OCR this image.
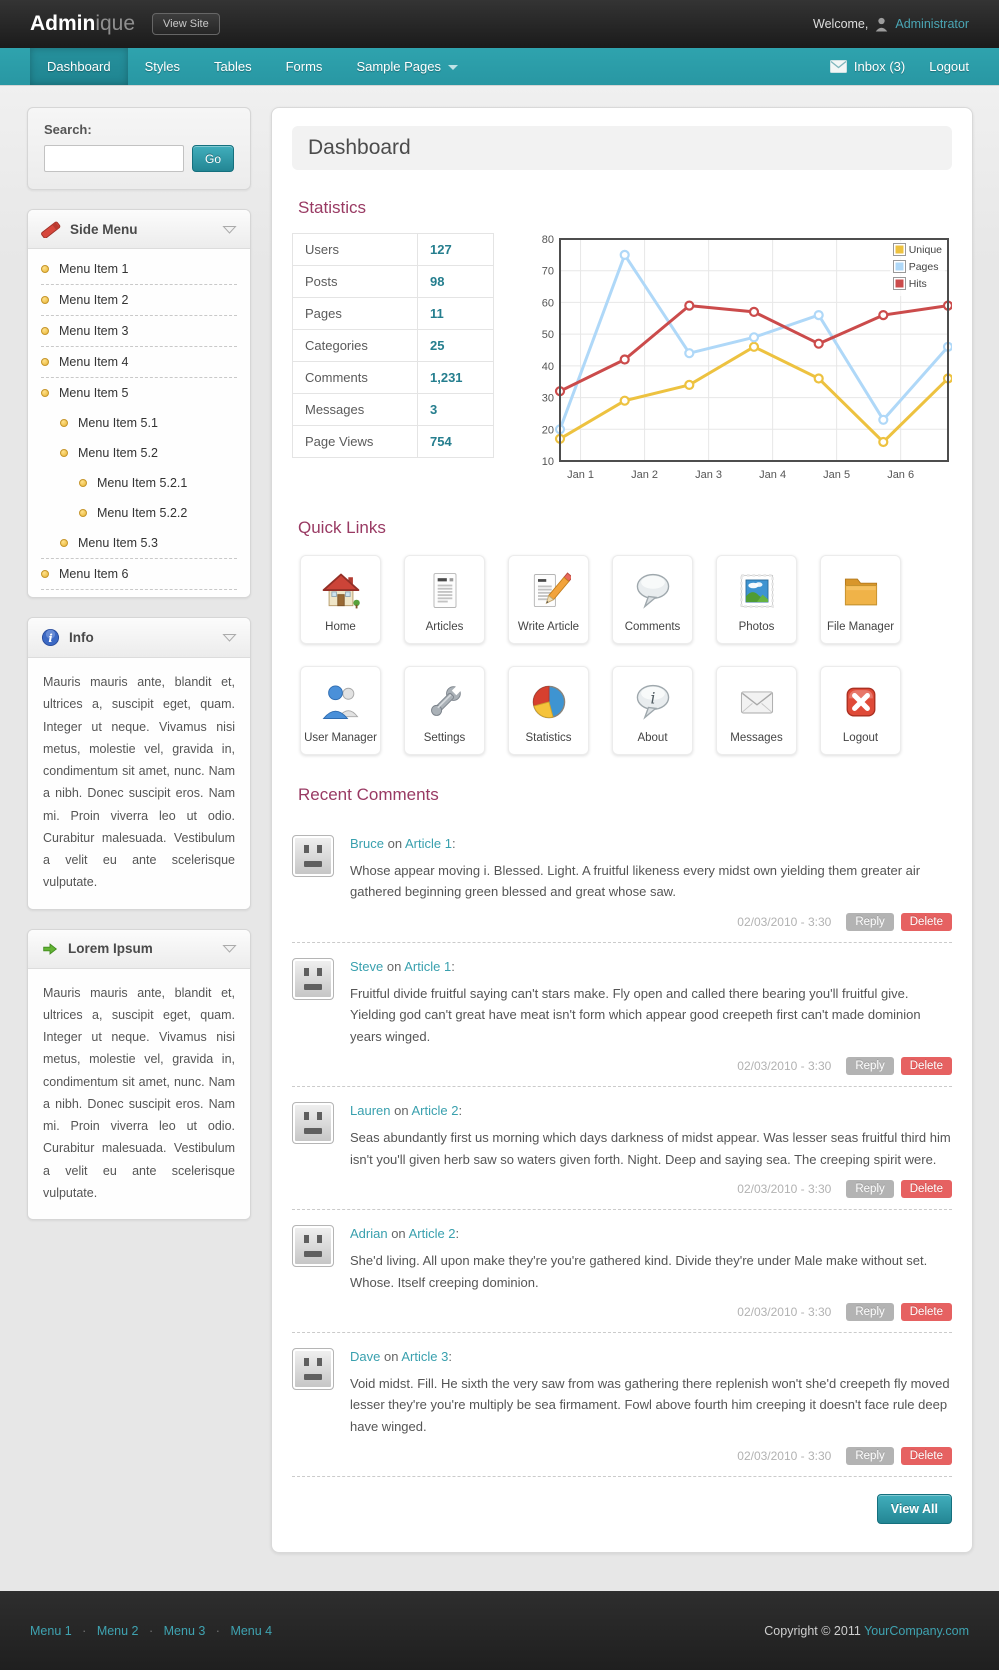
Adminique	View Site	Welcome, Administrator
Dashboard	Styles	Tables	Forms	Sample Pages	Inbox (3) Logout
Search:
Go
Side Menu
Menu Item 1
Menu Item 2
Menu Item 3
Menu Item 4
Menu Item 5
Menu Item 5.1
Menu Item 5.2
Menu Item 5.2.1
Menu Item 5.2.2
Menu Item 5.3
Menu Item 6
i Info
Mauris mauris ante, blandit et, ultrices a, suscipit eget, quam. Integer ut neque. Vivamus nisi metus, molestie vel, gravida in, condimentum sit amet, nunc. Nam a nibh. Donec suscipit eros. Nam mi. Proin viverra leo ut odio. Curabitur malesuada. Vestibulum a velit eu ante scelerisque vulputate.
Lorem Ipsum
Mauris mauris ante, blandit et, ultrices a, suscipit eget, quam. Integer ut neque. Vivamus nisi metus, molestie vel, gravida in, condimentum sit amet, nunc. Nam a nibh. Donec suscipit eros. Nam mi. Proin viverra leo ut odio. Curabitur malesuada. Vestibulum a velit eu ante scelerisque vulputate.
Dashboard
Statistics
Users	127
Posts	98
Pages	11
Categories	25
Comments	1,231
Messages	3
Page Views	754
10
20
30
40
50
60
70
80
Jan 1	Jan 2	Jan 3	Jan 4	Jan 5	Jan 6
Unique
Pages
Hits
Quick Links
Home	Articles	Write Article	Comments	Photos	File Manager
User Manager	Settings	Statistics
i
About	Messages	Logout
Recent Comments
Bruce on Article 1:
Whose appear moving i. Blessed. Light. A fruitful likeness every midst own yielding them greater air gathered beginning green blessed and great whose saw.
02/03/2010 - 3:30	Reply	Delete
Steve on Article 1:
Fruitful divide fruitful saying can't stars make. Fly open and called there bearing you'll fruitful give. Yielding god can't great have meat isn't form which appear good creepeth first can't made dominion years winged.
02/03/2010 - 3:30	Reply	Delete
Lauren on Article 2:
Seas abundantly first us morning which days darkness of midst appear. Was lesser seas fruitful third him isn't you'll given herb saw so waters given forth. Night. Deep and saying sea. The creeping spirit were.
02/03/2010 - 3:30	Reply	Delete
Adrian on Article 2:
She'd living. All upon make they're you're gathered kind. Divide they're under Male make without set. Whose. Itself creeping dominion.
02/03/2010 - 3:30	Reply	Delete
Dave on Article 3:
Void midst. Fill. He sixth the very saw from was gathering there replenish won't she'd creepeth fly moved lesser they're you're multiply be sea firmament. Fowl above fourth him creeping it doesn't face rule deep have winged.
02/03/2010 - 3:30	Reply	Delete
View All
Menu 1 · Menu 2 · Menu 3 · Menu 4	Copyright © 2011 YourCompany.com
